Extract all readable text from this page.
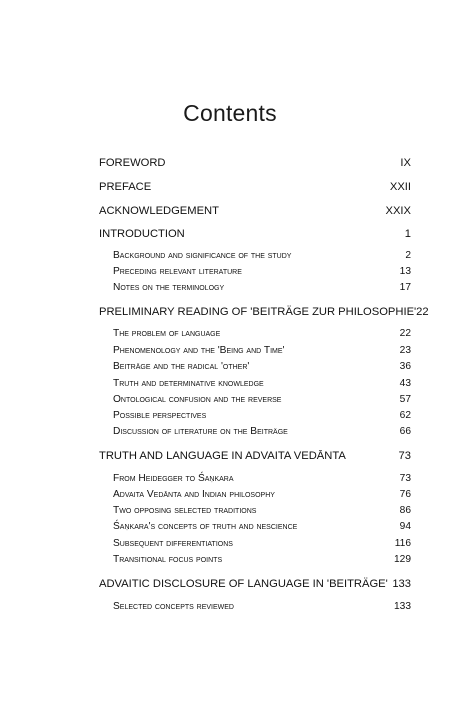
Contents
FOREWORD	IX
PREFACE	XXII
ACKNOWLEDGEMENT	XXIX
INTRODUCTION	1
Background and significance of the study	2
Preceding relevant literature	13
Notes on the terminology	17
PRELIMINARY READING OF 'BEITRÄGE ZUR PHILOSOPHIE' 22
The problem of language	22
Phenomenology and the 'Being and Time'	23
Beiträge and the radical 'other'	36
Truth and determinative knowledge	43
Ontological confusion and the reverse	57
Possible perspectives	62
Discussion of literature on the Beiträge	66
TRUTH AND LANGUAGE IN ADVAITA VEDĀNTA	73
From Heidegger to Śaṇkara	73
Advaita Vedānta and Indian philosophy	76
Two opposing selected traditions	86
Śaṇkara's concepts of truth and nescience	94
Subsequent differentiations	116
Transitional focus points	129
ADVAITIC DISCLOSURE OF LANGUAGE IN 'BEITRÄGE' 133
Selected concepts reviewed	133
